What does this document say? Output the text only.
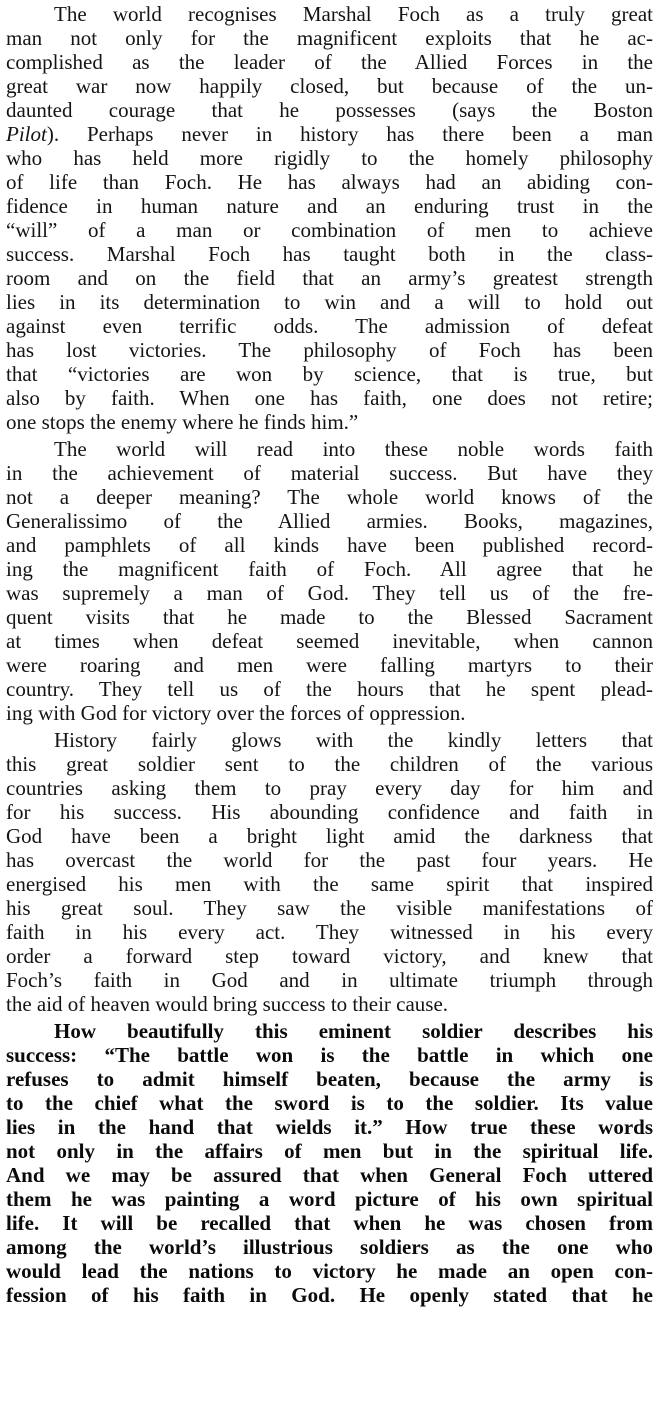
The world recognises Marshal Foch as a truly great
man not only for the magnificent exploits that he ac-
complished as the leader of the Allied Forces in the
great war now happily closed, but because of the un-
daunted courage that he possesses (says the Boston
Pilot). Perhaps never in history has there been a man
who has held more rigidly to the homely philosophy
of life than Foch. He has always had an abiding con-
fidence in human nature and an enduring trust in the
“will” of a man or combination of men to achieve
success. Marshal Foch has taught both in the class-
room and on the field that an army’s greatest strength
lies in its determination to win and a will to hold out
against even terrific odds. The admission of defeat
has lost victories. The philosophy of Foch has been
that “victories are won by science, that is true, but
also by faith. When one has faith, one does not retire;
one stops the enemy where he finds him.”
The world will read into these noble words faith
in the achievement of material success. But have they
not a deeper meaning? The whole world knows of the
Generalissimo of the Allied armies. Books, magazines,
and pamphlets of all kinds have been published record-
ing the magnificent faith of Foch. All agree that he
was supremely a man of God. They tell us of the fre-
quent visits that he made to the Blessed Sacrament
at times when defeat seemed inevitable, when cannon
were roaring and men were falling martyrs to their
country. They tell us of the hours that he spent plead-
ing with God for victory over the forces of oppression.
History fairly glows with the kindly letters that
this great soldier sent to the children of the various
countries asking them to pray every day for him and
for his success. His abounding confidence and faith in
God have been a bright light amid the darkness that
has overcast the world for the past four years. He
energised his men with the same spirit that inspired
his great soul. They saw the visible manifestations of
faith in his every act. They witnessed in his every
order a forward step toward victory, and knew that
Foch’s faith in God and in ultimate triumph through
the aid of heaven would bring success to their cause.
How beautifully this eminent soldier describes his
success: “The battle won is the battle in which one
refuses to admit himself beaten, because the army is
to the chief what the sword is to the soldier. Its value
lies in the hand that wields it.” How true these words
not only in the affairs of men but in the spiritual life.
And we may be assured that when General Foch uttered
them he was painting a word picture of his own spiritual
life. It will be recalled that when he was chosen from
among the world’s illustrious soldiers as the one who
would lead the nations to victory he made an open con-
fession of his faith in God. He openly stated that he
